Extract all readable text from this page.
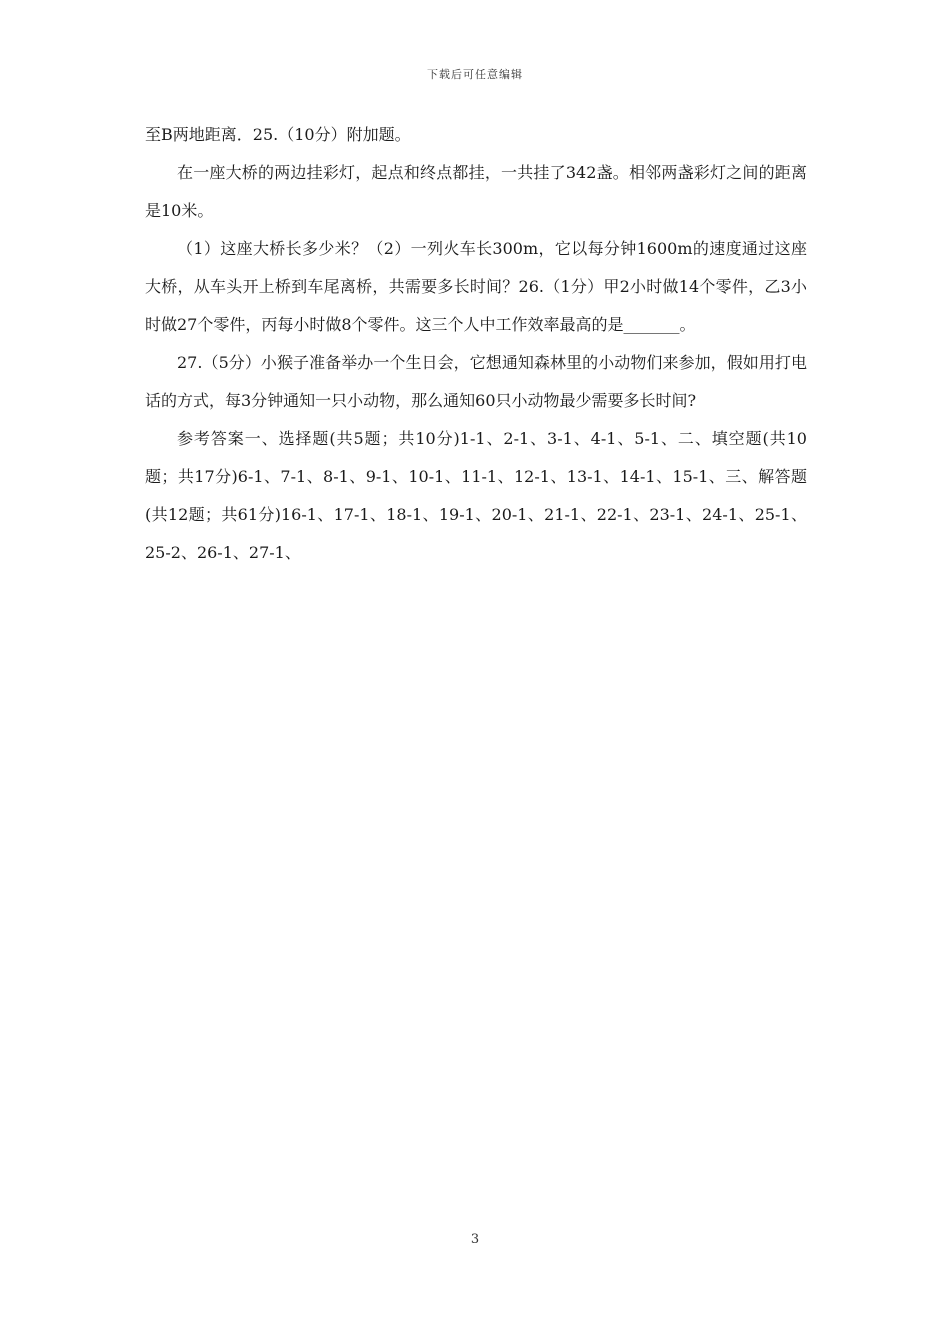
下载后可任意编辑

至B两地距离．25.（10分）附加题。

在一座大桥的两边挂彩灯，起点和终点都挂，一共挂了342盏。相邻两盏彩灯之间的距离是10米。

（1）这座大桥长多少米？（2）一列火车长300m，它以每分钟1600m的速度通过这座大桥，从车头开上桥到车尾离桥，共需要多长时间？26.（1分）甲2小时做14个零件，乙3小时做27个零件，丙每小时做8个零件。这三个人中工作效率最高的是_______。

27.（5分）小猴子准备举办一个生日会，它想通知森林里的小动物们来参加，假如用打电话的方式，每3分钟通知一只小动物，那么通知60只小动物最少需要多长时间?

参考答案一、选择题(共5题；共10分)1-1、2-1、3-1、4-1、5-1、二、填空题(共10题；共17分)6-1、7-1、8-1、9-1、10-1、11-1、12-1、13-1、14-1、15-1、三、解答题(共12题；共61分)16-1、17-1、18-1、19-1、20-1、21-1、22-1、23-1、24-1、25-1、25-2、26-1、27-1、

3
